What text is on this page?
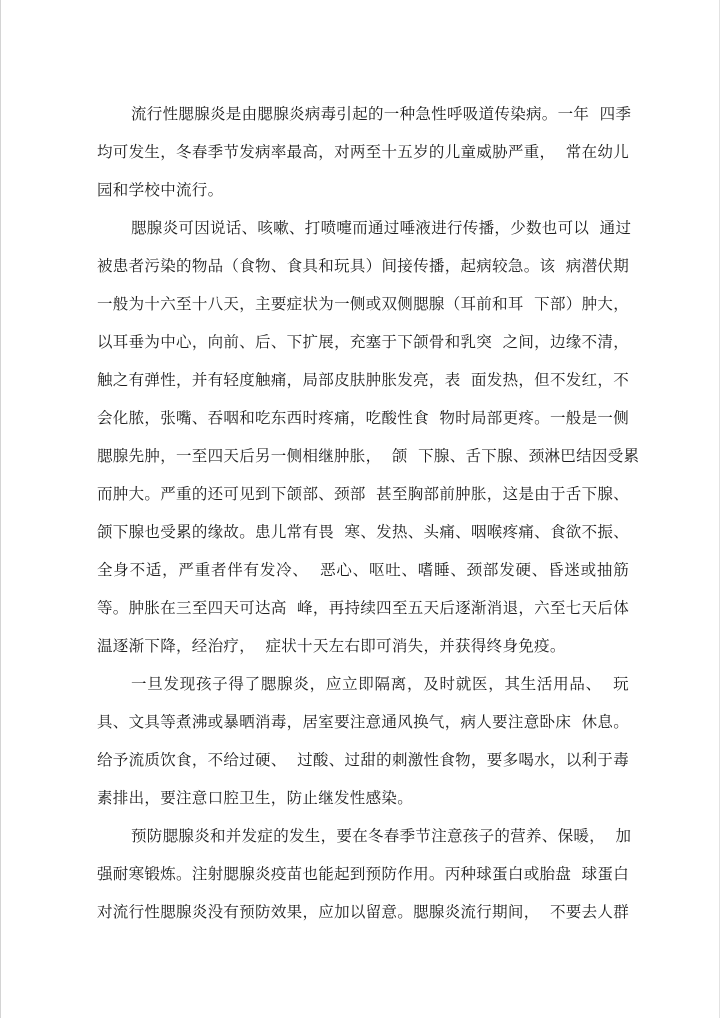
流行性腮腺炎是由腮腺炎病毒引起的一种急性呼吸道传染病。一年  四季
均可发生，冬春季节发病率最高，对两至十五岁的儿童威胁严重，  常在幼儿
园和学校中流行。
腮腺炎可因说话、咳嗽、打喷嚏而通过唾液进行传播，少数也可以  通过
被患者污染的物品（食物、食具和玩具）间接传播，起病较急。该  病潜伏期
一般为十六至十八天，主要症状为一侧或双侧腮腺（耳前和耳  下部）肿大，
以耳垂为中心，向前、后、下扩展，充塞于下颌骨和乳突  之间，边缘不清，
触之有弹性，并有轻度触痛，局部皮肤肿胀发亮，表  面发热，但不发红，不
会化脓，张嘴、吞咽和吃东西时疼痛，吃酸性食  物时局部更疼。一般是一侧
腮腺先肿，一至四天后另一侧相继肿胀，  颌  下腺、舌下腺、颈淋巴结因受累
而肿大。严重的还可见到下颌部、颈部  甚至胸部前肿胀，这是由于舌下腺、
颌下腺也受累的缘故。患儿常有畏  寒、发热、头痛、咽喉疼痛、食欲不振、
全身不适，严重者伴有发冷、  恶心、呕吐、嗜睡、颈部发硬、昏迷或抽筋
等。肿胀在三至四天可达高  峰，再持续四至五天后逐渐消退，六至七天后体
温逐渐下降，经治疗，  症状十天左右即可消失，并获得终身免疫。
一旦发现孩子得了腮腺炎，应立即隔离，及时就医，其生活用品、  玩
具、文具等煮沸或暴晒消毒，居室要注意通风换气，病人要注意卧床  休息。
给予流质饮食，不给过硬、  过酸、过甜的刺激性食物，要多喝水，以利于毒
素排出，要注意口腔卫生，防止继发性感染。
预防腮腺炎和并发症的发生，要在冬春季节注意孩子的营养、保暖，  加
强耐寒锻炼。注射腮腺炎疫苗也能起到预防作用。丙种球蛋白或胎盘  球蛋白
对流行性腮腺炎没有预防效果，应加以留意。腮腺炎流行期间，  不要去人群
